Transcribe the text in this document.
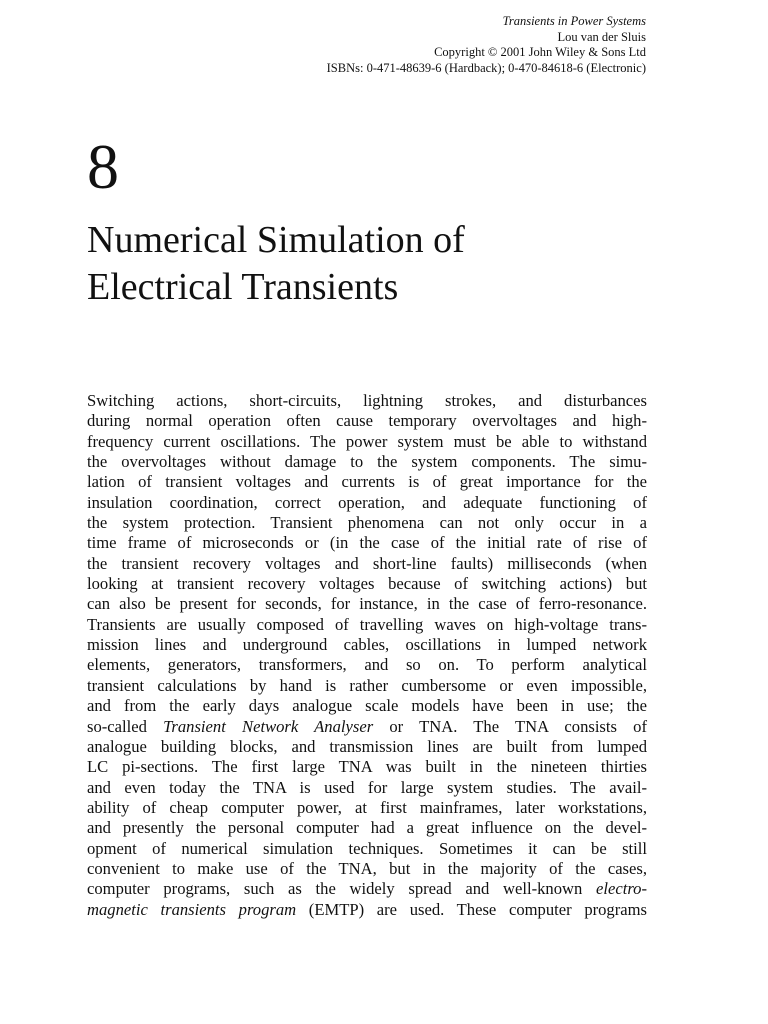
Transients in Power Systems
Lou van der Sluis
Copyright © 2001 John Wiley & Sons Ltd
ISBNs: 0-471-48639-6 (Hardback); 0-470-84618-6 (Electronic)
8
Numerical Simulation of
Electrical Transients
Switching actions, short-circuits, lightning strokes, and disturbances
during normal operation often cause temporary overvoltages and high-
frequency current oscillations. The power system must be able to withstand
the overvoltages without damage to the system components. The simu-
lation of transient voltages and currents is of great importance for the
insulation coordination, correct operation, and adequate functioning of
the system protection. Transient phenomena can not only occur in a
time frame of microseconds or (in the case of the initial rate of rise of
the transient recovery voltages and short-line faults) milliseconds (when
looking at transient recovery voltages because of switching actions) but
can also be present for seconds, for instance, in the case of ferro-resonance.
Transients are usually composed of travelling waves on high-voltage trans-
mission lines and underground cables, oscillations in lumped network
elements, generators, transformers, and so on. To perform analytical
transient calculations by hand is rather cumbersome or even impossible,
and from the early days analogue scale models have been in use; the
so-called Transient Network Analyser or TNA. The TNA consists of
analogue building blocks, and transmission lines are built from lumped
LC pi-sections. The first large TNA was built in the nineteen thirties
and even today the TNA is used for large system studies. The avail-
ability of cheap computer power, at first mainframes, later workstations,
and presently the personal computer had a great influence on the devel-
opment of numerical simulation techniques. Sometimes it can be still
convenient to make use of the TNA, but in the majority of the cases,
computer programs, such as the widely spread and well-known electro-
magnetic transients program (EMTP) are used. These computer programs
